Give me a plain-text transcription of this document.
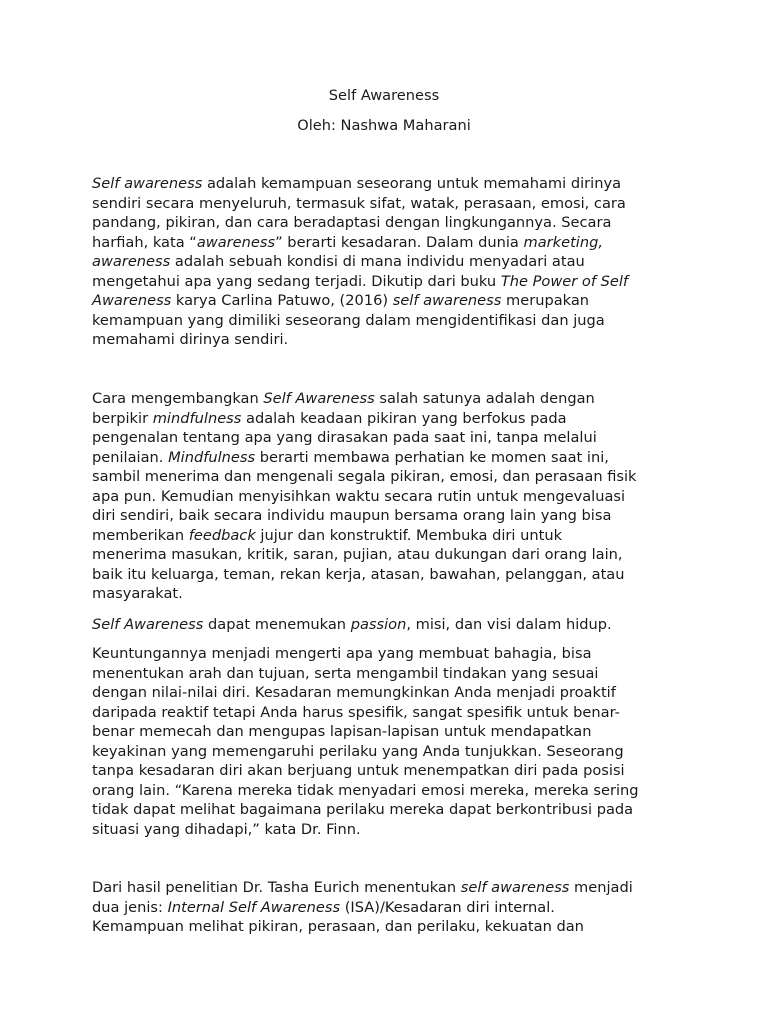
Self Awareness

Oleh: Nashwa Maharani

Self awareness adalah kemampuan seseorang untuk memahami dirinya
sendiri secara menyeluruh, termasuk sifat, watak, perasaan, emosi, cara
pandang, pikiran, dan cara beradaptasi dengan lingkungannya. Secara
harfiah, kata “awareness” berarti kesadaran. Dalam dunia marketing,
awareness adalah sebuah kondisi di mana individu menyadari atau
mengetahui apa yang sedang terjadi. Dikutip dari buku The Power of Self
Awareness karya Carlina Patuwo, (2016) self awareness merupakan
kemampuan yang dimiliki seseorang dalam mengidentifikasi dan juga
memahami dirinya sendiri.

Cara mengembangkan Self Awareness salah satunya adalah dengan
berpikir mindfulness adalah keadaan pikiran yang berfokus pada
pengenalan tentang apa yang dirasakan pada saat ini, tanpa melalui
penilaian. Mindfulness berarti membawa perhatian ke momen saat ini,
sambil menerima dan mengenali segala pikiran, emosi, dan perasaan fisik
apa pun. Kemudian menyisihkan waktu secara rutin untuk mengevaluasi
diri sendiri, baik secara individu maupun bersama orang lain yang bisa
memberikan feedback jujur dan konstruktif. Membuka diri untuk
menerima masukan, kritik, saran, pujian, atau dukungan dari orang lain,
baik itu keluarga, teman, rekan kerja, atasan, bawahan, pelanggan, atau
masyarakat.

Self Awareness dapat menemukan passion, misi, dan visi dalam hidup.

Keuntungannya menjadi mengerti apa yang membuat bahagia, bisa
menentukan arah dan tujuan, serta mengambil tindakan yang sesuai
dengan nilai-nilai diri. Kesadaran memungkinkan Anda menjadi proaktif
daripada reaktif tetapi Anda harus spesifik, sangat spesifik untuk benar-
benar memecah dan mengupas lapisan-lapisan untuk mendapatkan
keyakinan yang memengaruhi perilaku yang Anda tunjukkan. Seseorang
tanpa kesadaran diri akan berjuang untuk menempatkan diri pada posisi
orang lain. “Karena mereka tidak menyadari emosi mereka, mereka sering
tidak dapat melihat bagaimana perilaku mereka dapat berkontribusi pada
situasi yang dihadapi,” kata Dr. Finn.

Dari hasil penelitian Dr. Tasha Eurich menentukan self awareness menjadi
dua jenis: Internal Self Awareness (ISA)/Kesadaran diri internal.
Kemampuan melihat pikiran, perasaan, dan perilaku, kekuatan dan
